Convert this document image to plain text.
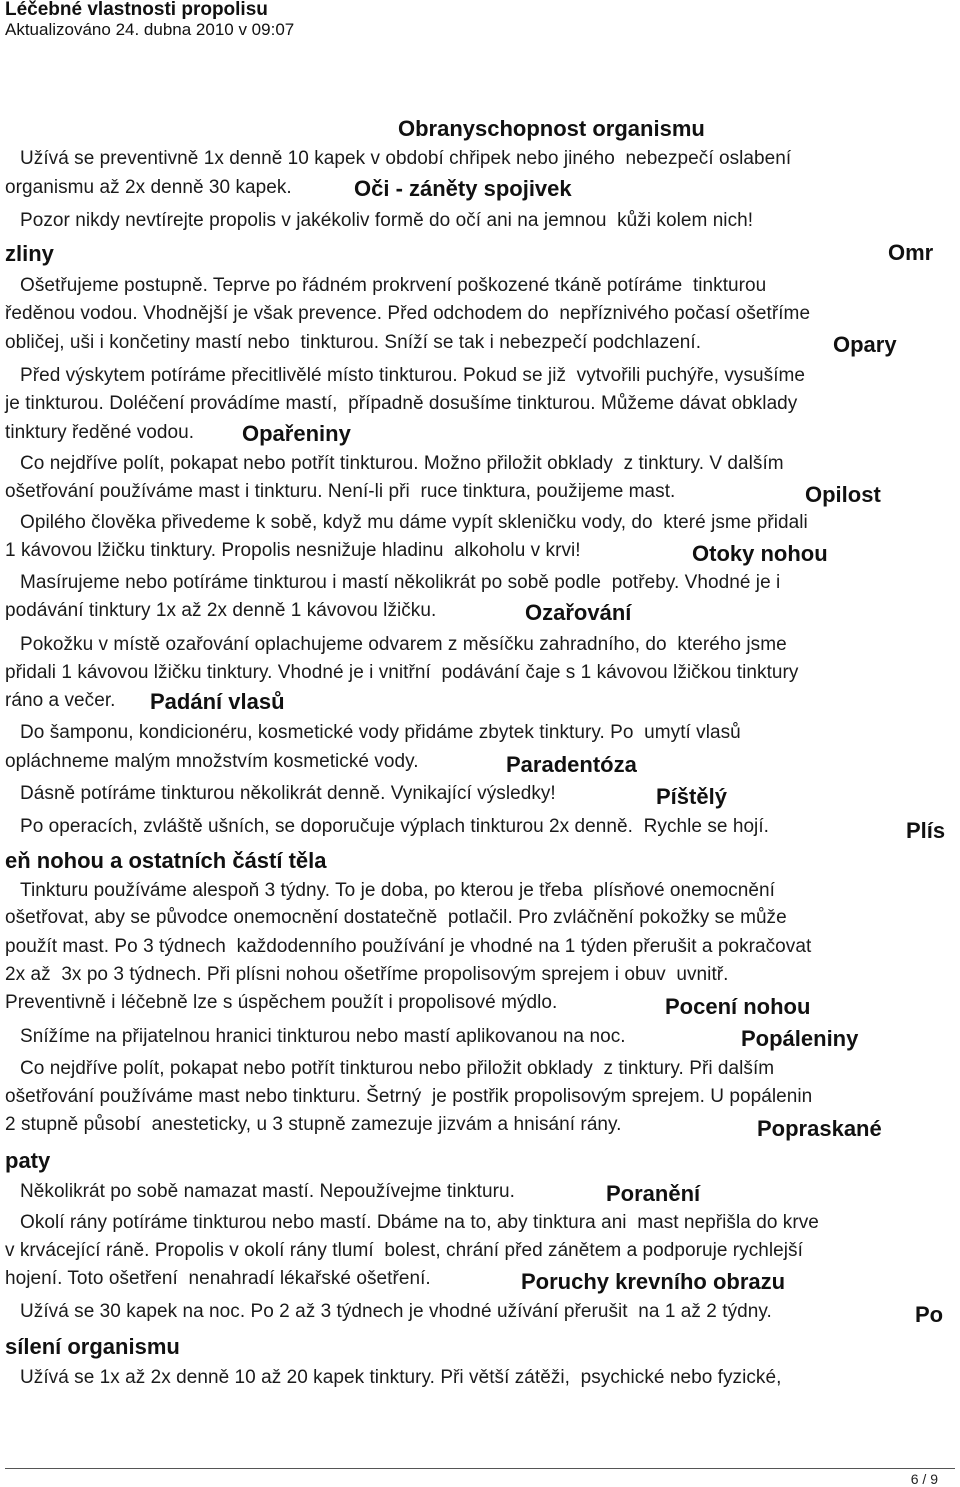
Léčebné vlastnosti propolisu
Aktualizováno 24. dubna 2010 v 09:07
Obranyschopnost organismu
Oči - záněty spojivek
Omr
zliny
Opary
Opařeniny
Opilost
Otoky nohou
Ozařování
Padání vlasů
Paradentóza
Píštělý
Plís
eň nohou a ostatních částí těla
Pocení nohou
Popáleniny
Popraskané
paty
Poranění
Poruchy krevního obrazu
Po
sílení organismu
Užívá se preventivně 1x denně 10 kapek v období chřipek nebo jiného  nebezpečí oslabení
organismu až 2x denně 30 kapek.
Pozor nikdy nevtírejte propolis v jakékoliv formě do očí ani na jemnou  kůži kolem nich!
Ošetřujeme postupně. Teprve po řádném prokrvení poškozené tkáně potíráme  tinkturou
ředěnou vodou. Vhodnější je však prevence. Před odchodem do  nepříznivého počasí ošetříme
obličej, uši i končetiny mastí nebo  tinkturou. Sníží se tak i nebezpečí podchlazení.
Před výskytem potíráme přecitlivělé místo tinkturou. Pokud se již  vytvořili puchýře, vysušíme
je tinkturou. Doléčení provádíme mastí,  případně dosušíme tinkturou. Můžeme dávat obklady
tinktury ředěné vodou.
Co nejdříve polít, pokapat nebo potřít tinkturou. Možno přiložit obklady  z tinktury. V dalším
ošetřování používáme mast i tinkturu. Není-li při  ruce tinktura, použijeme mast.
Opilého člověka přivedeme k sobě, když mu dáme vypít skleničku vody, do  které jsme přidali
1 kávovou lžičku tinktury. Propolis nesnižuje hladinu  alkoholu v krvi!
Masírujeme nebo potíráme tinkturou i mastí několikrát po sobě podle  potřeby. Vhodné je i
podávání tinktury 1x až 2x denně 1 kávovou lžičku.
Pokožku v místě ozařování oplachujeme odvarem z měsíčku zahradního, do  kterého jsme
přidali 1 kávovou lžičku tinktury. Vhodné je i vnitřní  podávání čaje s 1 kávovou lžičkou tinktury
ráno a večer.
Do šamponu, kondicionéru, kosmetické vody přidáme zbytek tinktury. Po  umytí vlasů
opláchneme malým množstvím kosmetické vody.
Dásně potíráme tinkturou několikrát denně. Vynikající výsledky!
Po operacích, zvláště ušních, se doporučuje výplach tinkturou 2x denně.  Rychle se hojí.
Tinkturu používáme alespoň 3 týdny. To je doba, po kterou je třeba  plísňové onemocnění
ošetřovat, aby se původce onemocnění dostatečně  potlačil. Pro zvláčnění pokožky se může
použít mast. Po 3 týdnech  každodenního používání je vhodné na 1 týden přerušit a pokračovat
2x až  3x po 3 týdnech. Při plísni nohou ošetříme propolisovým sprejem i obuv  uvnitř.
Preventivně i léčebně lze s úspěchem použít i propolisové mýdlo.
Snížíme na přijatelnou hranici tinkturou nebo mastí aplikovanou na noc.
Co nejdříve polít, pokapat nebo potřít tinkturou nebo přiložit obklady  z tinktury. Při dalším
ošetřování používáme mast nebo tinkturu. Šetrný  je postřik propolisovým sprejem. U popálenin
2 stupně působí  anesteticky, u 3 stupně zamezuje jizvám a hnisání rány.
Několikrát po sobě namazat mastí. Nepoužívejme tinkturu.
Okolí rány potíráme tinkturou nebo mastí. Dbáme na to, aby tinktura ani  mast nepřišla do krve
v krvácející ráně. Propolis v okolí rány tlumí  bolest, chrání před zánětem a podporuje rychlejší
hojení. Toto ošetření  nenahradí lékařské ošetření.
Užívá se 30 kapek na noc. Po 2 až 3 týdnech je vhodné užívání přerušit  na 1 až 2 týdny.
Užívá se 1x až 2x denně 10 až 20 kapek tinktury. Při větší zátěži,  psychické nebo fyzické,
6 / 9
